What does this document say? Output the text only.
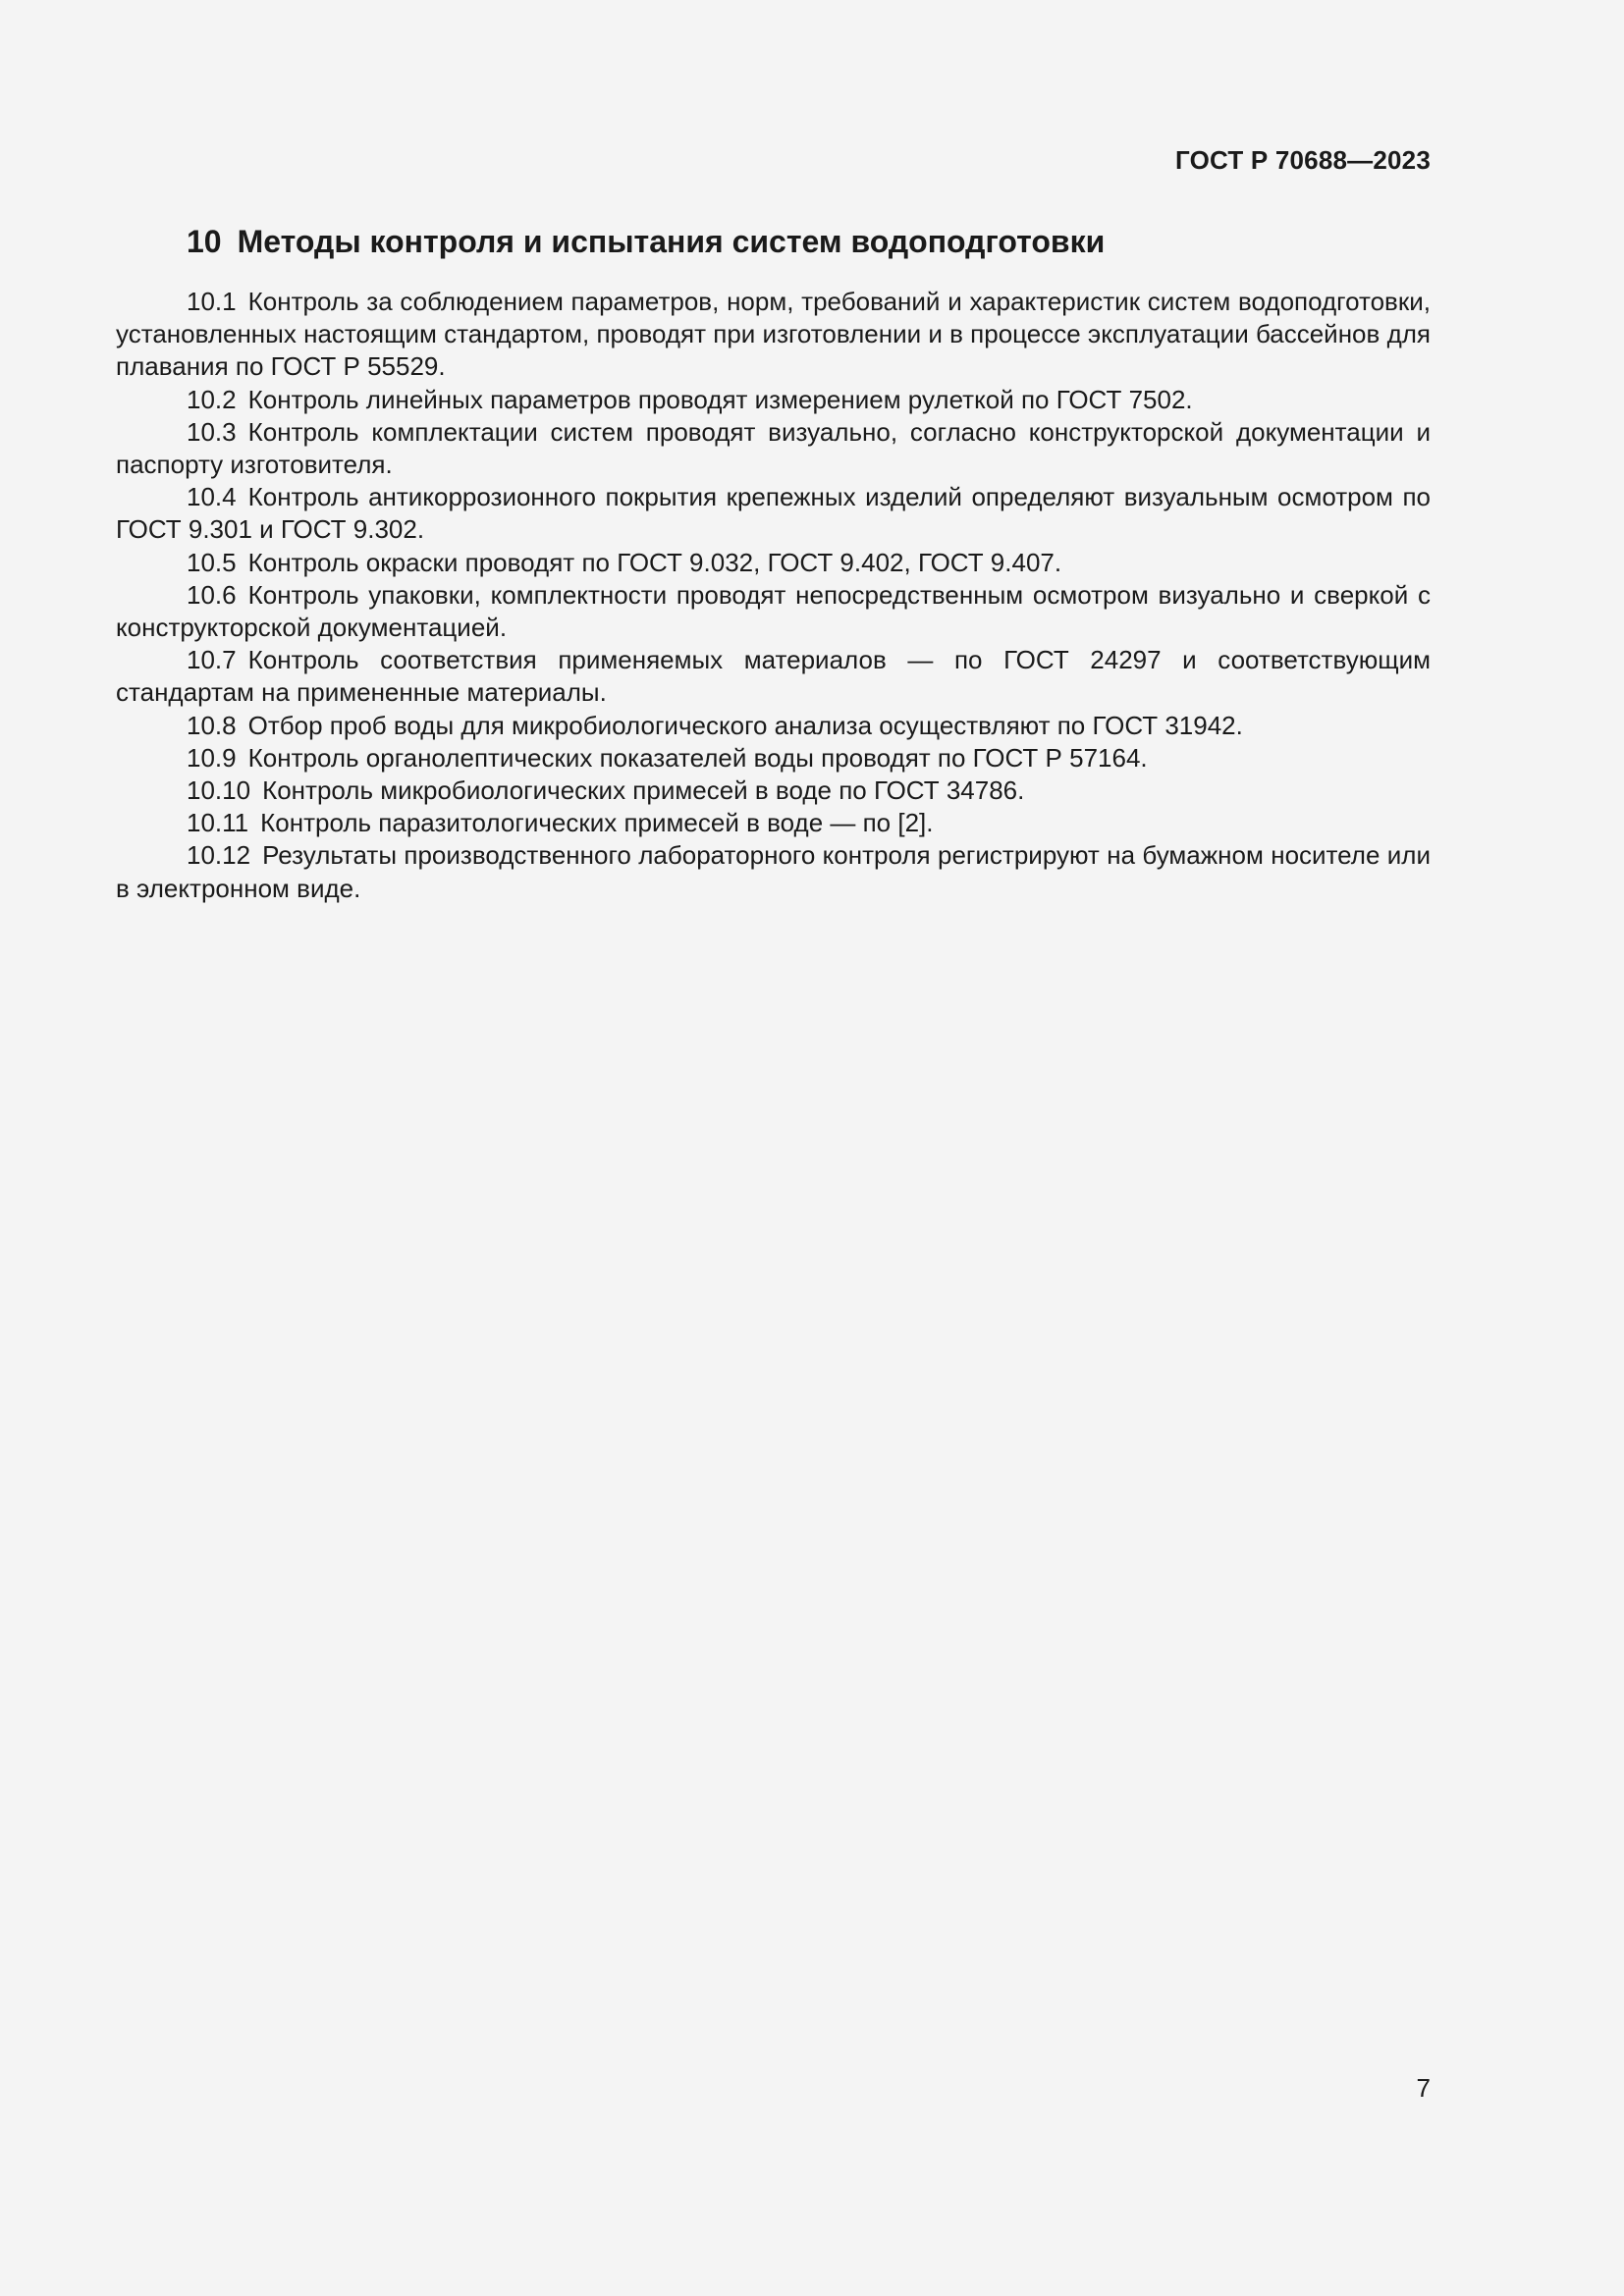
ГОСТ Р 70688—2023
10 Методы контроля и испытания систем водоподготовки

10.1 Контроль за соблюдением параметров, норм, требований и характеристик систем водоподготовки, установленных настоящим стандартом, проводят при изготовлении и в процессе эксплуатации бассейнов для плавания по ГОСТ Р 55529.

10.2 Контроль линейных параметров проводят измерением рулеткой по ГОСТ 7502.

10.3 Контроль комплектации систем проводят визуально, согласно конструкторской документации и паспорту изготовителя.

10.4 Контроль антикоррозионного покрытия крепежных изделий определяют визуальным осмотром по ГОСТ 9.301 и ГОСТ 9.302.

10.5 Контроль окраски проводят по ГОСТ 9.032, ГОСТ 9.402, ГОСТ 9.407.

10.6 Контроль упаковки, комплектности проводят непосредственным осмотром визуально и сверкой с конструкторской документацией.

10.7 Контроль соответствия применяемых материалов — по ГОСТ 24297 и соответствующим стандартам на примененные материалы.

10.8 Отбор проб воды для микробиологического анализа осуществляют по ГОСТ 31942.

10.9 Контроль органолептических показателей воды проводят по ГОСТ Р 57164.

10.10 Контроль микробиологических примесей в воде по ГОСТ 34786.

10.11 Контроль паразитологических примесей в воде — по [2].

10.12 Результаты производственного лабораторного контроля регистрируют на бумажном носителе или в электронном виде.

7
